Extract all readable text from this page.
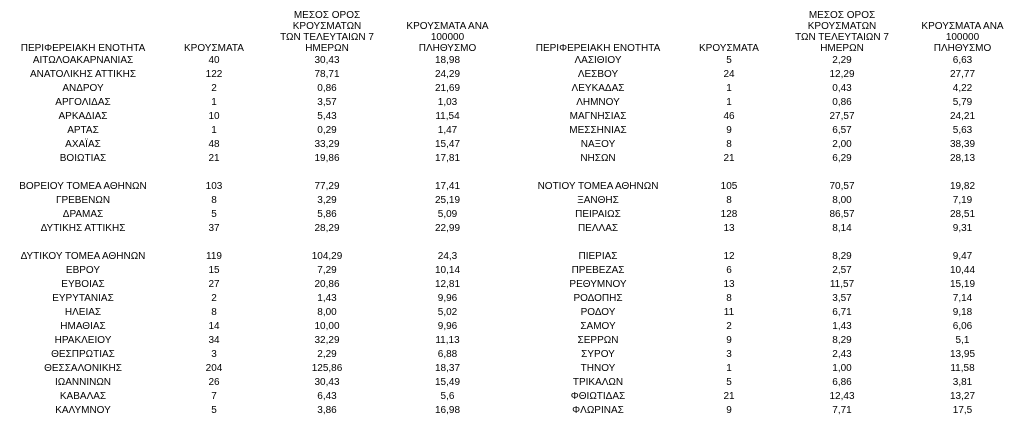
ΠΕΡΙΦΕΡΕΙΑΚΗ ΕΝΟΤΗΤΑ	ΚΡΟΥΣΜΑΤΑ
ΜΕΣΟΣ ΟΡΟΣ ΚΡΟΥΣΜΑΤΩΝ
ΤΩΝ ΤΕΛΕΥΤΑΙΩΝ 7
ΗΜΕΡΩΝ
ΚΡΟΥΣΜΑΤΑ ΑΝΑ 100000
ΠΛΗΘΥΣΜΟ
ΑΙΤΩΛΟΑΚΑΡΝΑΝΙΑΣ	40	30,43	18,98
ΑΝΑΤΟΛΙΚΗΣ ΑΤΤΙΚΗΣ	122	78,71	24,29
ΑΝΔΡΟΥ	2	0,86	21,69
ΑΡΓΟΛΙΔΑΣ	1	3,57	1,03
ΑΡΚΑΔΙΑΣ	10	5,43	11,54
ΑΡΤΑΣ	1	0,29	1,47
ΑΧΑΪΑΣ	48	33,29	15,47
ΒΟΙΩΤΙΑΣ	21	19,86	17,81
ΒΟΡΕΙΟΥ ΤΟΜΕΑ ΑΘΗΝΩΝ	103	77,29	17,41
ΓΡΕΒΕΝΩΝ	8	3,29	25,19
ΔΡΑΜΑΣ	5	5,86	5,09
ΔΥΤΙΚΗΣ ΑΤΤΙΚΗΣ	37	28,29	22,99
ΔΥΤΙΚΟΥ ΤΟΜΕΑ ΑΘΗΝΩΝ	119	104,29	24,3
ΕΒΡΟΥ	15	7,29	10,14
ΕΥΒΟΙΑΣ	27	20,86	12,81
ΕΥΡΥΤΑΝΙΑΣ	2	1,43	9,96
ΗΛΕΙΑΣ	8	8,00	5,02
ΗΜΑΘΙΑΣ	14	10,00	9,96
ΗΡΑΚΛΕΙΟΥ	34	32,29	11,13
ΘΕΣΠΡΩΤΙΑΣ	3	2,29	6,88
ΘΕΣΣΑΛΟΝΙΚΗΣ	204	125,86	18,37
ΙΩΑΝΝΙΝΩΝ	26	30,43	15,49
ΚΑΒΑΛΑΣ	7	6,43	5,6
ΚΑΛΥΜΝΟΥ	5	3,86	16,98
ΠΕΡΙΦΕΡΕΙΑΚΗ ΕΝΟΤΗΤΑ	ΚΡΟΥΣΜΑΤΑ
ΜΕΣΟΣ ΟΡΟΣ ΚΡΟΥΣΜΑΤΩΝ
ΤΩΝ ΤΕΛΕΥΤΑΙΩΝ 7
ΗΜΕΡΩΝ
ΚΡΟΥΣΜΑΤΑ ΑΝΑ 100000
ΠΛΗΘΥΣΜΟ
ΛΑΣΙΘΙΟΥ	5	2,29	6,63
ΛΕΣΒΟΥ	24	12,29	27,77
ΛΕΥΚΑΔΑΣ	1	0,43	4,22
ΛΗΜΝΟΥ	1	0,86	5,79
ΜΑΓΝΗΣΙΑΣ	46	27,57	24,21
ΜΕΣΣΗΝΙΑΣ	9	6,57	5,63
ΝΑΞΟΥ	8	2,00	38,39
ΝΗΣΩΝ	21	6,29	28,13
ΝΟΤΙΟΥ ΤΟΜΕΑ ΑΘΗΝΩΝ	105	70,57	19,82
ΞΑΝΘΗΣ	8	8,00	7,19
ΠΕΙΡΑΙΩΣ	128	86,57	28,51
ΠΕΛΛΑΣ	13	8,14	9,31
ΠΙΕΡΙΑΣ	12	8,29	9,47
ΠΡΕΒΕΖΑΣ	6	2,57	10,44
ΡΕΘΥΜΝΟΥ	13	11,57	15,19
ΡΟΔΟΠΗΣ	8	3,57	7,14
ΡΟΔΟΥ	11	6,71	9,18
ΣΑΜΟΥ	2	1,43	6,06
ΣΕΡΡΩΝ	9	8,29	5,1
ΣΥΡΟΥ	3	2,43	13,95
ΤΗΝΟΥ	1	1,00	11,58
ΤΡΙΚΑΛΩΝ	5	6,86	3,81
ΦΘΙΩΤΙΔΑΣ	21	12,43	13,27
ΦΛΩΡΙΝΑΣ	9	7,71	17,5
